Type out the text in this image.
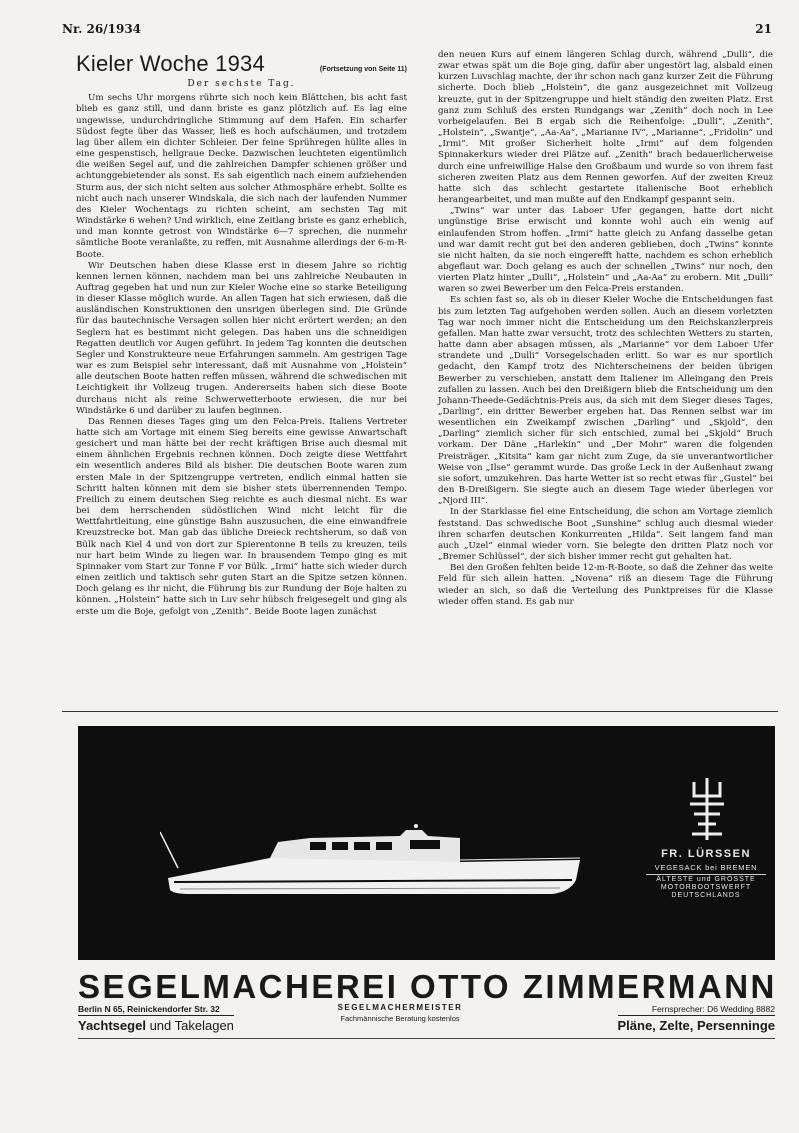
Nr. 26/1934	21
Kieler Woche 1934	(Fortsetzung von Seite 11)
Der sechste Tag.

Um sechs Uhr morgens rührte sich noch kein Blättchen, bis acht fast blieb es ganz still, und dann briste es ganz plötzlich auf. Es lag eine ungewisse, undurchdringliche Stimmung auf dem Hafen. Ein scharfer Südost fegte über das Wasser, ließ es hoch aufschäumen, und trotzdem lag über allem ein dichter Schleier. Der feine Sprühregen hüllte alles in eine gespenstisch, hellgraue Decke. Dazwischen leuchteten eigentümlich die weißen Segel auf, und die zahlreichen Dampfer schienen größer und achtunggebietender als sonst. Es sah eigentlich nach einem aufziehenden Sturm aus, der sich nicht selten aus solcher Athmosphäre erhebt. Sollte es nicht auch nach unserer Windskala, die sich nach der laufenden Nummer des Kieler Wochentags zu richten scheint, am sechsten Tag mit Windstärke 6 wehen? Und wirklich, eine Zeitlang briste es ganz erheblich, und man konnte getrost von Windstärke 6—7 sprechen, die nunmehr sämtliche Boote veranlaßte, zu reffen, mit Ausnahme allerdings der 6-m-R-Boote.

Wir Deutschen haben diese Klasse erst in diesem Jahre so richtig kennen lernen können, nachdem man bei uns zahlreiche Neubauten in Auftrag gegeben hat und nun zur Kieler Woche eine so starke Beteiligung in dieser Klasse möglich wurde. An allen Tagen hat sich erwiesen, daß die ausländischen Konstruktionen den unsrigen überlegen sind. Die Gründe für das bautechnische Versagen sollen hier nicht erörtert werden; an den Seglern hat es bestimmt nicht gelegen. Das haben uns die schneidigen Regatten deutlich vor Augen geführt. In jedem Tag konnten die deutschen Segler und Konstrukteure neue Erfahrungen sammeln. Am gestrigen Tage war es zum Beispiel sehr interessant, daß mit Ausnahme von „Holstein“ alle deutschen Boote hatten reffen müssen, während die schwedischen mit Leichtigkeit ihr Vollzeug trugen. Andererseits haben sich diese Boote durchaus nicht als reine Schwerwetterboote erwiesen, die nur bei Windstärke 6 und darüber zu laufen beginnen.

Das Rennen dieses Tages ging um den Felca-Preis. Italiens Vertreter hatte sich am Vortage mit einem Sieg bereits eine gewisse Anwartschaft gesichert und man hätte bei der recht kräftigen Brise auch diesmal mit einem ähnlichen Ergebnis rechnen können. Doch zeigte diese Wettfahrt ein wesentlich anderes Bild als bisher. Die deutschen Boote waren zum ersten Male in der Spitzengruppe vertreten, endlich einmal hatten sie Schritt halten können mit dem sie bisher stets überrennenden Tempo. Freilich zu einem deutschen Sieg reichte es auch diesmal nicht. Es war bei dem herrschenden südöstlichen Wind nicht leicht für die Wettfahrtleitung, eine günstige Bahn auszusuchen, die eine einwandfreie Kreuzstrecke bot. Man gab das übliche Dreieck rechtsherum, so daß von Bülk nach Kiel 4 und von dort zur Spierentonne B teils zu kreuzen, teils nur hart beim Winde zu liegen war. In brausendem Tempo ging es mit Spinnaker vom Start zur Tonne F vor Bülk. „Irmi“ hatte sich wieder durch einen zeitlich und taktisch sehr guten Start an die Spitze setzen können. Doch gelang es ihr nicht, die Führung bis zur Rundung der Boje halten zu können. „Holstein“ hatte sich in Luv sehr hübsch freigesegelt und ging als erste um die Boje, gefolgt von „Zenith“. Beide Boote lagen zunächst

den neuen Kurs auf einem längeren Schlag durch, während „Dulli“, die zwar etwas spät um die Boje ging, dafür aber ungestört lag, alsbald einen kurzen Luvschlag machte, der ihr schon nach ganz kurzer Zeit die Führung sicherte. Doch blieb „Holstein“, die ganz ausgezeichnet mit Vollzeug kreuzte, gut in der Spitzengruppe und hielt ständig den zweiten Platz. Erst ganz zum Schluß des ersten Rundgangs war „Zenith“ doch noch in Lee vorbeigelaufen. Bei B ergab sich die Reihenfolge: „Dulli“, „Zenith“, „Holstein“, „Swantje“, „Aa-Aa“, „Marianne IV“, „Marianne“, „Fridolin“ und „Irmi“. Mit großer Sicherheit holte „Irmi“ auf dem folgenden Spinnakerkurs wieder drei Plätze auf. „Zenith“ brach bedauerlicherweise durch eine unfreiwillige Halse den Großbaum und wurde so von ihrem fast sicheren zweiten Platz aus dem Rennen geworfen. Auf der zweiten Kreuz hatte sich das schlecht gestartete italienische Boot erheblich herangearbeitet, und man mußte auf den Endkampf gespannt sein.

„Twins“ war unter das Laboer Ufer gegangen, hatte dort nicht ungünstige Brise erwischt und konnte wohl auch ein wenig auf einlaufenden Strom hoffen. „Irmi“ hatte gleich zu Anfang dasselbe getan und war damit recht gut bei den anderen geblieben, doch „Twins“ konnte sie nicht halten, da sie noch eingerefft hatte, nachdem es schon erheblich abgeflaut war. Doch gelang es auch der schnellen „Twins“ nur noch, den vierten Platz hinter „Dulli“, „Holstein“ und „Aa-Aa“ zu erobern. Mit „Dulli“ waren so zwei Bewerber um den Felca-Preis erstanden.

Es schien fast so, als ob in dieser Kieler Woche die Entscheidungen fast bis zum letzten Tag aufgehoben werden sollen. Auch an diesem vorletzten Tag war noch immer nicht die Entscheidung um den Reichskanzlerpreis gefallen. Man hatte zwar versucht, trotz des schlechten Wetters zu starten, hatte dann aber absagen müssen, als „Marianne“ vor dem Laboer Ufer strandete und „Dulli“ Vorsegelschaden erlitt. So war es nur sportlich gedacht, den Kampf trotz des Nichterscheinens der beiden übrigen Bewerber zu verschieben, anstatt dem Italiener im Alleingang den Preis zufallen zu lassen. Auch bei den Dreißigern blieb die Entscheidung um den Johann-Theede-Gedächtnis-Preis aus, da sich mit dem Sieger dieses Tages, „Darling“, ein dritter Bewerber ergeben hat. Das Rennen selbst war im wesentlichen ein Zweikampf zwischen „Darling“ und „Skjold“, den „Darling“ ziemlich sicher für sich entschied, zumal bei „Skjold“ Bruch vorkam. Der Däne „Harlekin“ und „Der Mohr“ waren die folgenden Preisträger. „Kitsita“ kam gar nicht zum Zuge, da sie unverantwortlicher Weise von „Ilse“ gerammt wurde. Das große Leck in der Außenhaut zwang sie sofort, umzukehren. Das harte Wetter ist so recht etwas für „Gustel“ bei den B-Dreißigern. Sie siegte auch an diesem Tage wieder überlegen vor „Njord III“.

In der Starklasse fiel eine Entscheidung, die schon am Vortage ziemlich feststand. Das schwedische Boot „Sunshine“ schlug auch diesmal wieder ihren scharfen deutschen Konkurrenten „Hilda“. Seit langem fand man auch „Uzel“ einmal wieder vorn. Sie belegte den dritten Platz noch vor „Bremer Schlüssel“, der sich bisher immer recht gut gehalten hat.

Bei den Großen fehlten beide 12-m-R-Boote, so daß die Zehner das weite Feld für sich allein hatten. „Novena“ riß an diesem Tage die Führung wieder an sich, so daß die Verteilung des Punktpreises für die Klasse wieder offen stand. Es gab nur

FR. LÜRSSEN
VEGESACK bei BREMEN
ÄLTESTE und GRÖSSTE
MOTORBOOTSWERFT
DEUTSCHLANDS
SEGELMACHEREI OTTO ZIMMERMANN
Berlin N 65, Reinickendorfer Str. 32
Yachtsegel und Takelagen
SEGELMACHERMEISTER
Fachmännische Beratung kostenlos
Fernsprecher: D6 Wedding 8882
Pläne, Zelte, Persenninge
